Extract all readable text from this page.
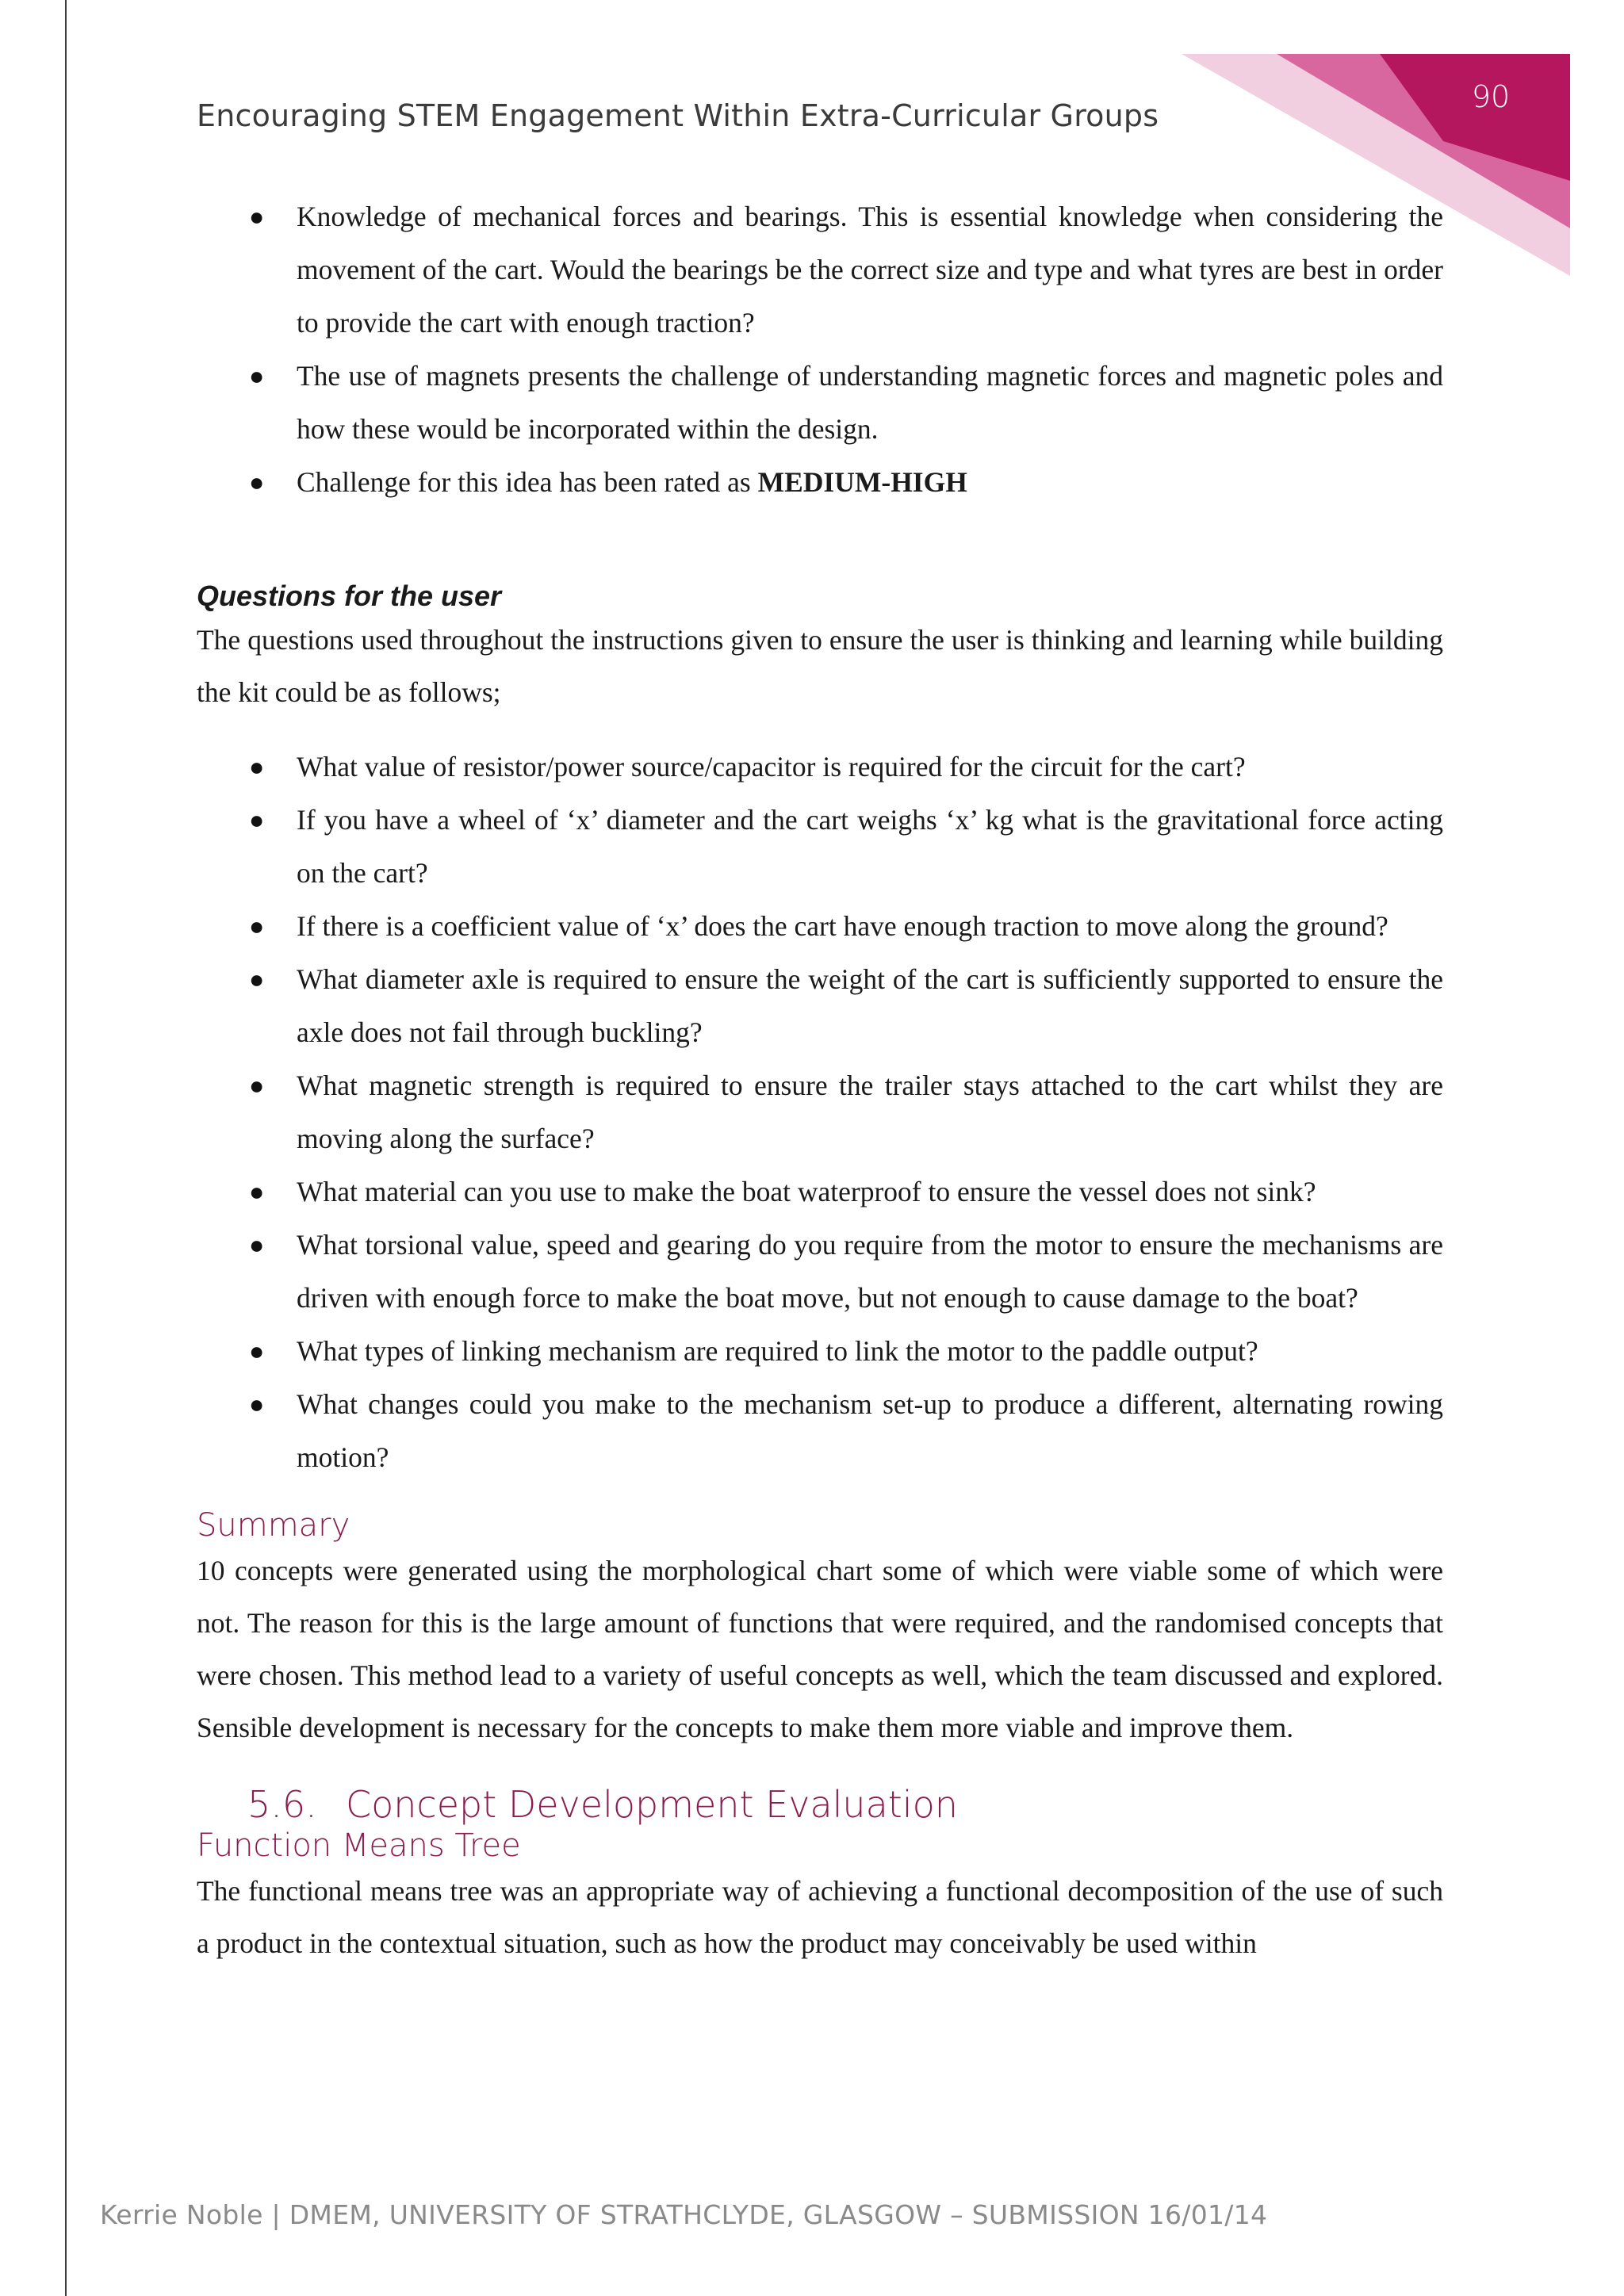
90
Encouraging STEM Engagement Within Extra-Curricular Groups
● Knowledge of mechanical forces and bearings. This is essential knowledge when considering the movement of the cart. Would the bearings be the correct size and type and what tyres are best in order to provide the cart with enough traction?
● The use of magnets presents the challenge of understanding magnetic forces and magnetic poles and how these would be incorporated within the design.
● Challenge for this idea has been rated as MEDIUM-HIGH
Questions for the user

The questions used throughout the instructions given to ensure the user is thinking and learning while building the kit could be as follows;

● What value of resistor/power source/capacitor is required for the circuit for the cart?
● If you have a wheel of ‘x’ diameter and the cart weighs ‘x’ kg what is the gravitational force acting on the cart?
● If there is a coefficient value of ‘x’ does the cart have enough traction to move along the ground?
● What diameter axle is required to ensure the weight of the cart is sufficiently supported to ensure the axle does not fail through buckling?
● What magnetic strength is required to ensure the trailer stays attached to the cart whilst they are moving along the surface?
● What material can you use to make the boat waterproof to ensure the vessel does not sink?
● What torsional value, speed and gearing do you require from the motor to ensure the mechanisms are driven with enough force to make the boat move, but not enough to cause damage to the boat?
● What types of linking mechanism are required to link the motor to the paddle output?
● What changes could you make to the mechanism set-up to produce a different, alternating rowing motion?
Summary

10 concepts were generated using the morphological chart some of which were viable some of which were not. The reason for this is the large amount of functions that were required, and the randomised concepts that were chosen. This method lead to a variety of useful concepts as well, which the team discussed and explored. Sensible development is necessary for the concepts to make them more viable and improve them.

5.6. Concept Development Evaluation
Function Means Tree

The functional means tree was an appropriate way of achieving a functional decomposition of the use of such a product in the contextual situation, such as how the product may conceivably be used within

Kerrie Noble | DMEM, UNIVERSITY OF STRATHCLYDE, GLASGOW – SUBMISSION 16/01/14
